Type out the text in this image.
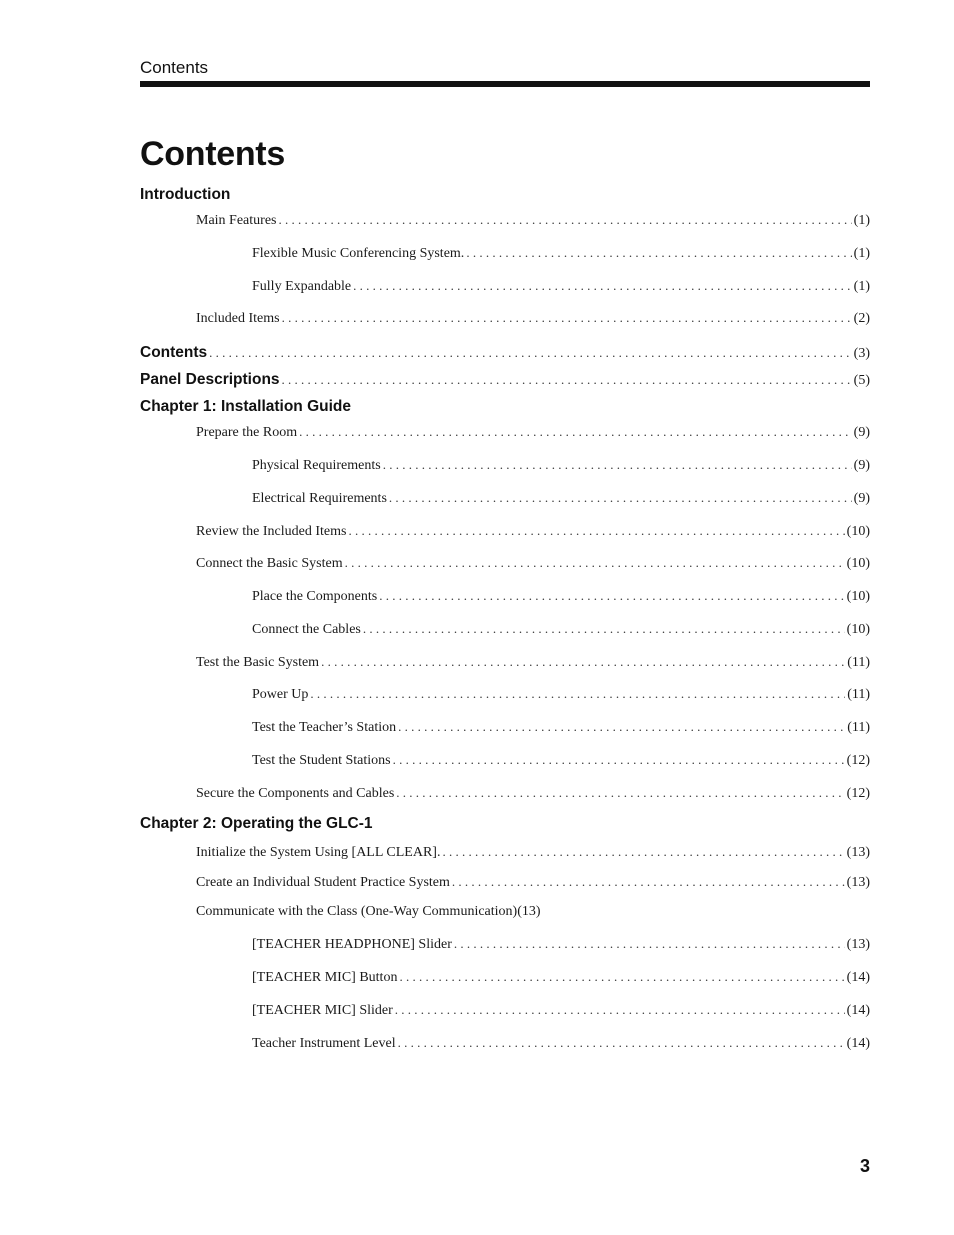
Contents
Contents
Introduction
Main Features . . .	(1)
Flexible Music Conferencing System. . . .	(1)
Fully Expandable . . .	(1)
Included Items . . .	(2)
Contents . . .	(3)
Panel Descriptions . . .	(5)
Chapter 1: Installation Guide
Prepare the Room . . .	(9)
Physical Requirements . . .	(9)
Electrical Requirements . . .	(9)
Review the Included Items . . .	(10)
Connect the Basic System . . .	(10)
Place the Components . . .	(10)
Connect the Cables . . .	(10)
Test the Basic System . . .	(11)
Power Up . . .	(11)
Test the Teacher’s Station . . .	(11)
Test the Student Stations . . .	(12)
Secure the Components and Cables . . .	(12)
Chapter 2: Operating the GLC-1
Initialize the System Using [ALL CLEAR]. . . .	(13)
Create an Individual Student Practice System . . .	(13)
Communicate with the Class (One-Way Communication)(13)
[TEACHER HEADPHONE] Slider . . .	(13)
[TEACHER MIC] Button . . .	(14)
[TEACHER MIC] Slider . . .	(14)
Teacher Instrument Level . . .	(14)
3
